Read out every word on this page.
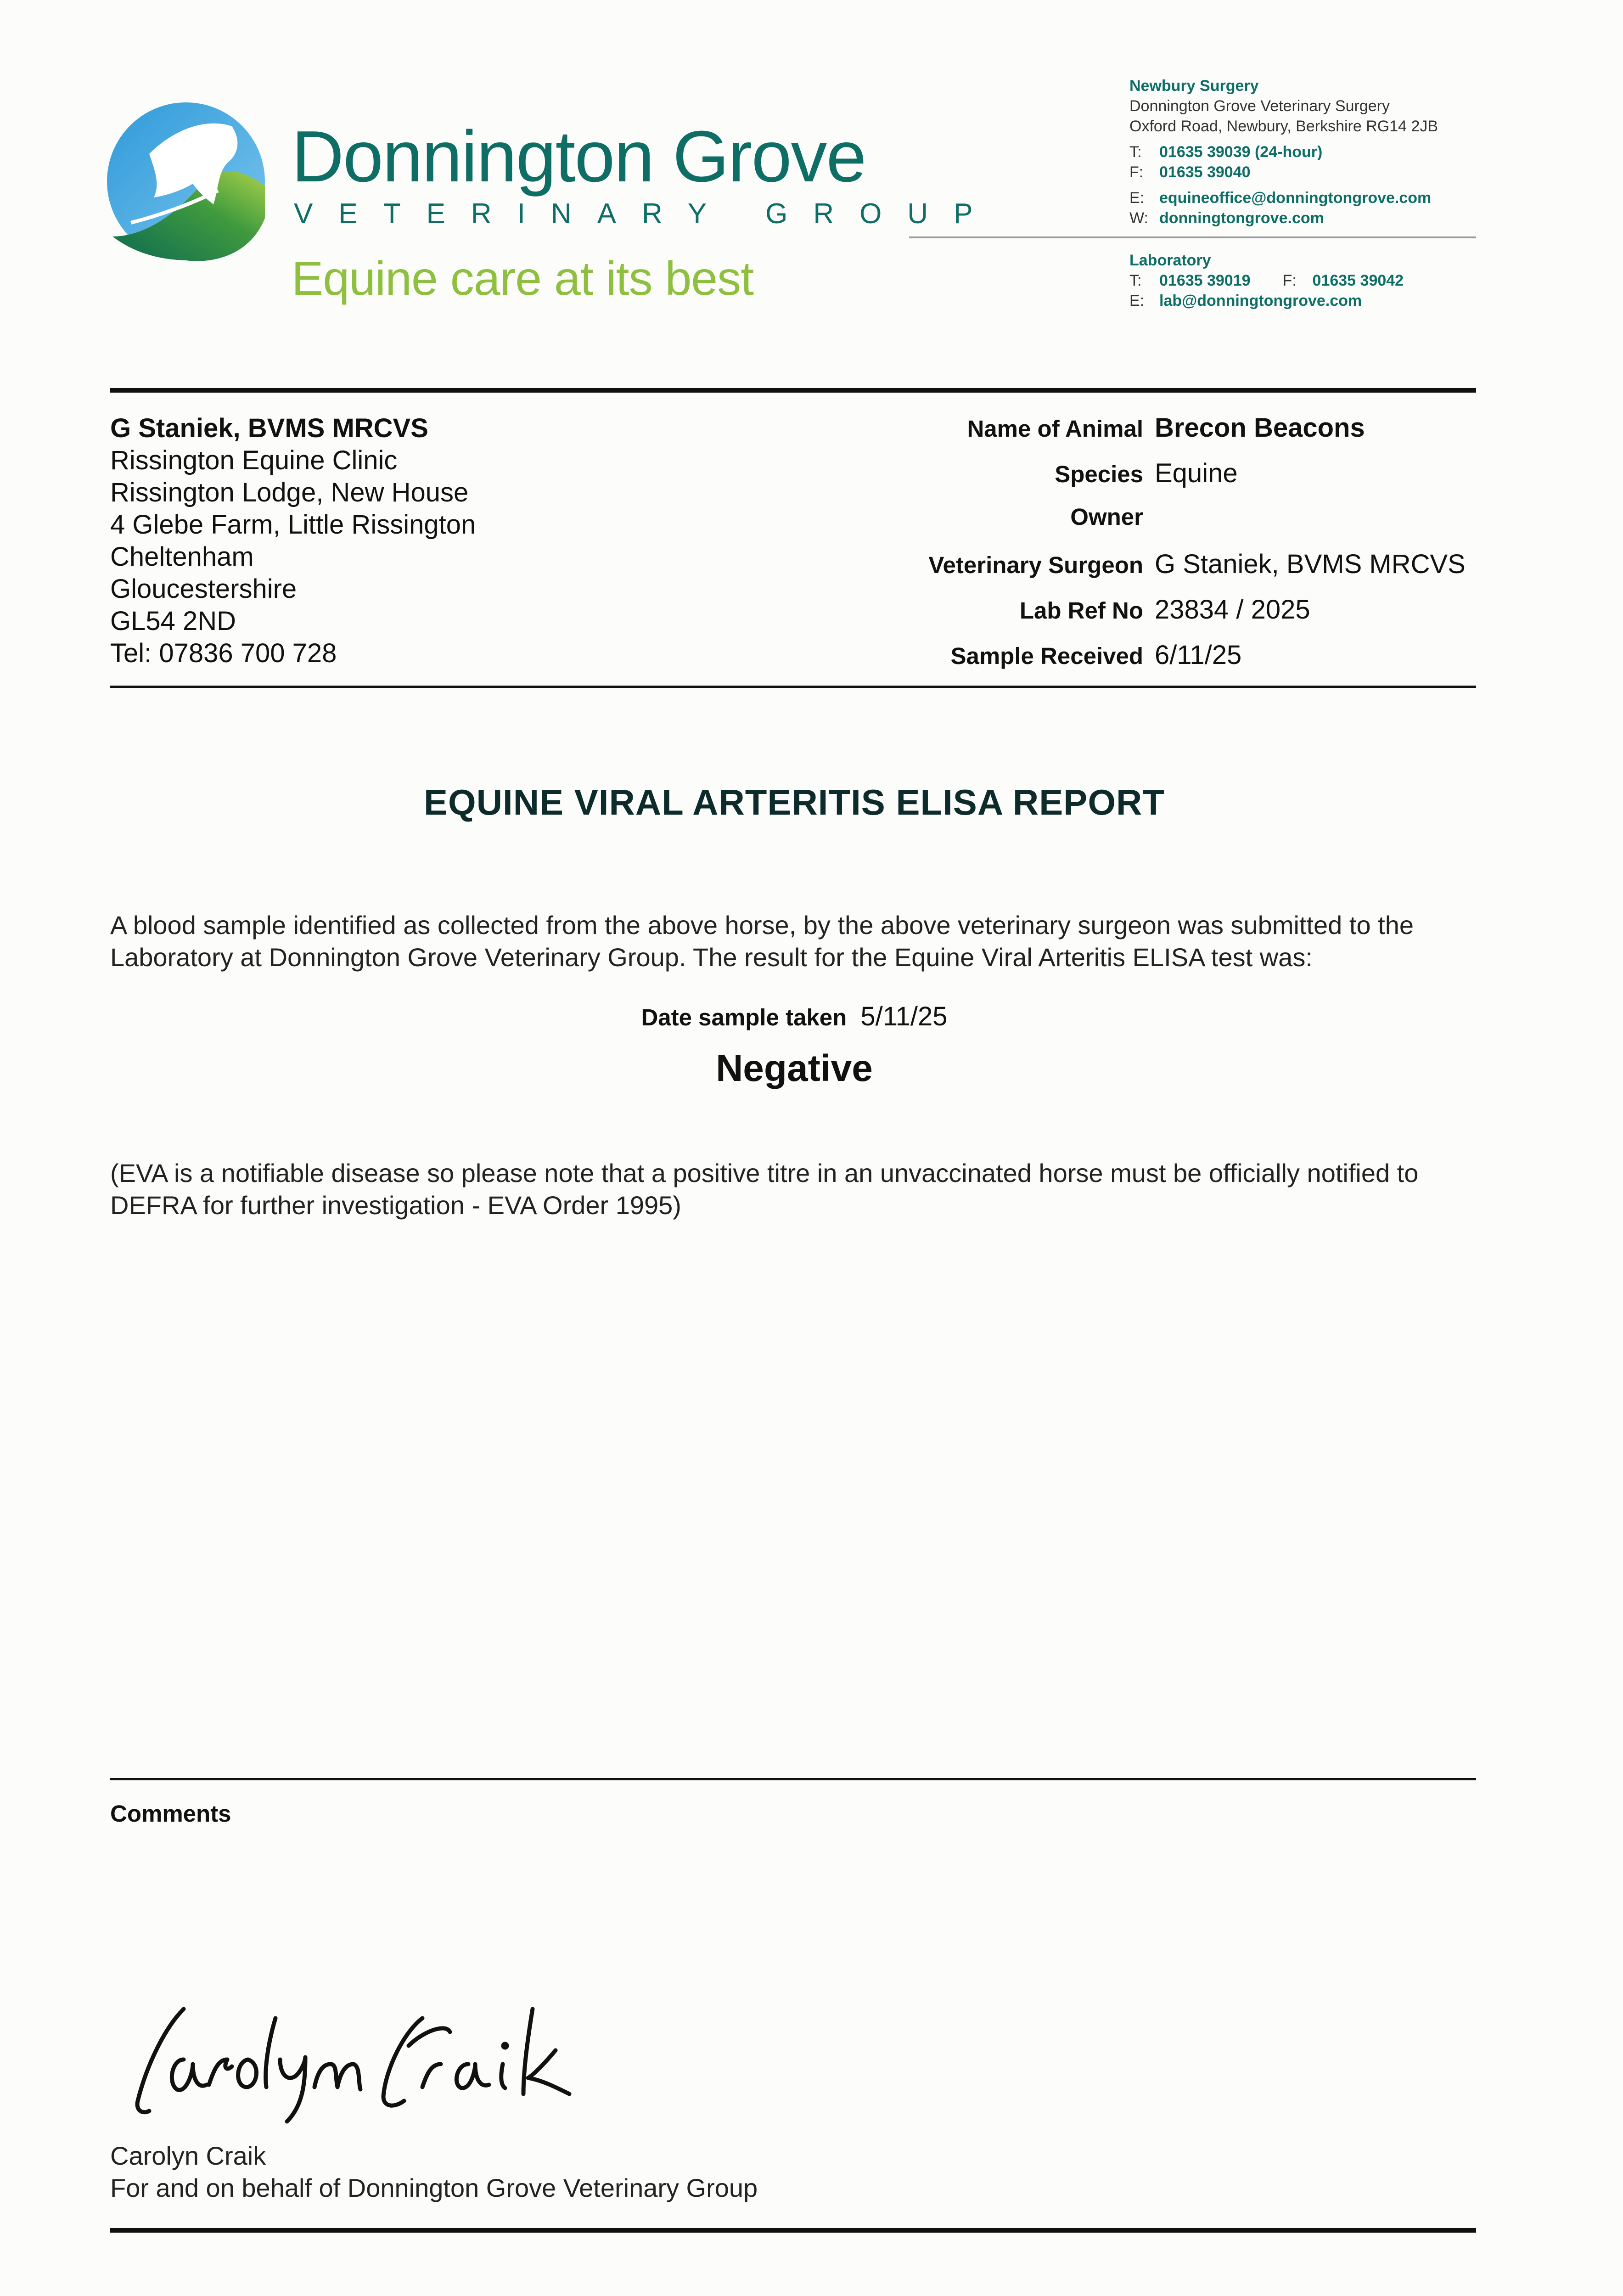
Donnington Grove
VETERINARY GROUP
Equine care at its best
Newbury Surgery
Donnington Grove Veterinary Surgery
Oxford Road, Newbury, Berkshire RG14 2JB
T: 01635 39039 (24-hour)
F: 01635 39040
E: equineoffice@donningtongrove.com
W: donningtongrove.com
Laboratory
T: 01635 39019 F: 01635 39042
E: lab@donningtongrove.com
G Staniek, BVMS MRCVS
Rissington Equine Clinic
Rissington Lodge, New House
4 Glebe Farm, Little Rissington
Cheltenham
Gloucestershire
GL54 2ND
Tel: 07836 700 728
Name of Animal Brecon Beacons
Species Equine
Owner
Veterinary Surgeon G Staniek, BVMS MRCVS
Lab Ref No 23834 / 2025
Sample Received 6/11/25
EQUINE VIRAL ARTERITIS ELISA REPORT
A blood sample identified as collected from the above horse, by the above veterinary surgeon was submitted to the Laboratory at Donnington Grove Veterinary Group. The result for the Equine Viral Arteritis ELISA test was:
Date sample taken 5/11/25
Negative
(EVA is a notifiable disease so please note that a positive titre in an unvaccinated horse must be officially notified to DEFRA for further investigation - EVA Order 1995)
Comments
Carolyn Craik
For and on behalf of Donnington Grove Veterinary Group
